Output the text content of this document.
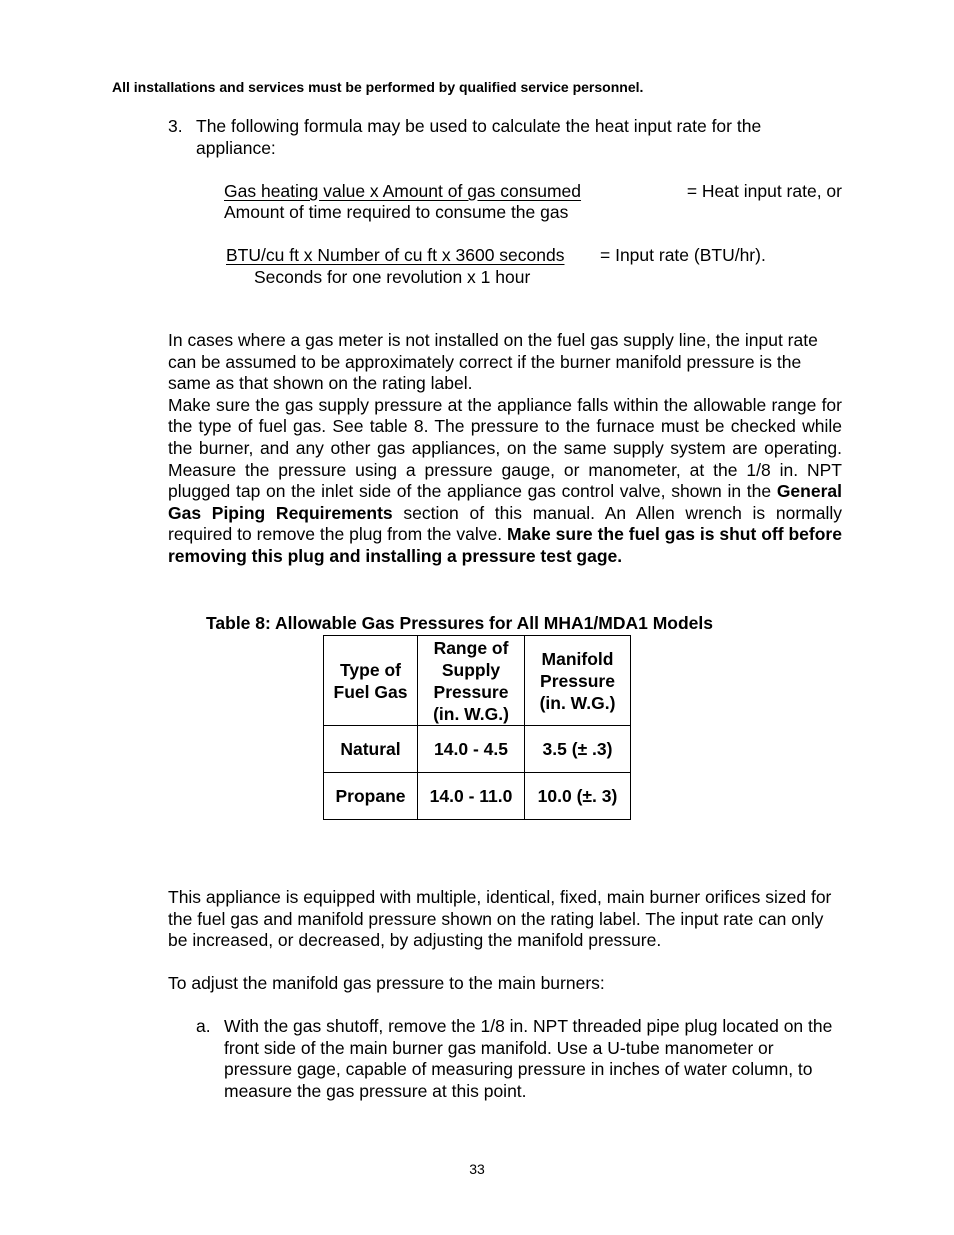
All installations and services must be performed by qualified service personnel.
3. The following formula may be used to calculate the heat input rate for the appliance:
Gas heating value x Amount of gas consumed	= Heat input rate, or
Amount of time required to consume the gas
BTU/cu ft x Number of cu ft x 3600 seconds = Input rate (BTU/hr).
Seconds for one revolution x 1 hour

In cases where a gas meter is not installed on the fuel gas supply line, the input rate can be assumed to be approximately correct if the burner manifold pressure is the same as that shown on the rating label.

Make sure the gas supply pressure at the appliance falls within the allowable range for the type of fuel gas. See table 8. The pressure to the furnace must be checked while the burner, and any other gas appliances, on the same supply system are operating. Measure the pressure using a pressure gauge, or manometer, at the 1/8 in. NPT plugged tap on the inlet side of the appliance gas control valve, shown in the General Gas Piping Requirements section of this manual. An Allen wrench is normally required to remove the plug from the valve. Make sure the fuel gas is shut off before removing this plug and installing a pressure test gage.

Table 8: Allowable Gas Pressures for All MHA1/MDA1 Models
Type of
Fuel Gas	Range of
Supply
Pressure
(in. W.G.)	Manifold
Pressure
(in. W.G.)
Natural	14.0 - 4.5	3.5 (± .3)
Propane	14.0 - 11.0	10.0 (±. 3)

This appliance is equipped with multiple, identical, fixed, main burner orifices sized for the fuel gas and manifold pressure shown on the rating label. The input rate can only be increased, or decreased, by adjusting the manifold pressure.

To adjust the manifold gas pressure to the main burners:
a. With the gas shutoff, remove the 1/8 in. NPT threaded pipe plug located on the front side of the main burner gas manifold. Use a U-tube manometer or pressure gage, capable of measuring pressure in inches of water column, to measure the gas pressure at this point.
33
